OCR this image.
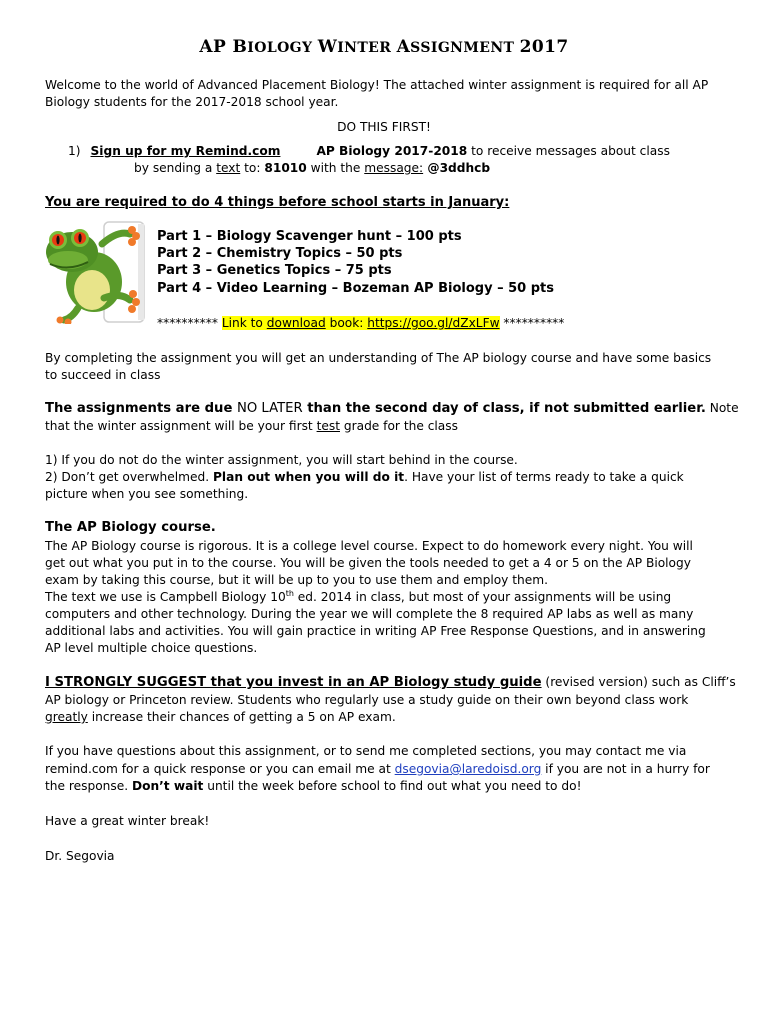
AP BIOLOGY WINTER ASSIGNMENT 2017
Welcome to the world of Advanced Placement Biology! The attached winter assignment is required for all AP
Biology students for the 2017-2018 school year.
DO THIS FIRST!
1) Sign up for my Remind.com	AP Biology 2017-2018 to receive messages about class
by sending a text to: 81010 with the message: @3ddhcb
You are required to do 4 things before school starts in January:
Part 1 – Biology Scavenger hunt – 100 pts
Part 2 – Chemistry Topics – 50 pts
Part 3 – Genetics Topics – 75 pts
Part 4 – Video Learning – Bozeman AP Biology – 50 pts
********** Link to download book: https://goo.gl/dZxLFw **********
By completing the assignment you will get an understanding of The AP biology course and have some basics
to succeed in class
The assignments are due NO LATER than the second day of class, if not submitted earlier. Note
that the winter assignment will be your first test grade for the class
1) If you do not do the winter assignment, you will start behind in the course.
2) Don’t get overwhelmed. Plan out when you will do it. Have your list of terms ready to take a quick
picture when you see something.
The AP Biology course.
The AP Biology course is rigorous. It is a college level course. Expect to do homework every night. You will
get out what you put in to the course. You will be given the tools needed to get a 4 or 5 on the AP Biology
exam by taking this course, but it will be up to you to use them and employ them.
The text we use is Campbell Biology 10th ed. 2014 in class, but most of your assignments will be using
computers and other technology. During the year we will complete the 8 required AP labs as well as many
additional labs and activities. You will gain practice in writing AP Free Response Questions, and in answering
AP level multiple choice questions.
I STRONGLY SUGGEST that you invest in an AP Biology study guide (revised version) such as Cliff’s
AP biology or Princeton review. Students who regularly use a study guide on their own beyond class work
greatly increase their chances of getting a 5 on AP exam.
If you have questions about this assignment, or to send me completed sections, you may contact me via
remind.com for a quick response or you can email me at dsegovia@laredoisd.org if you are not in a hurry for
the response. Don’t wait until the week before school to find out what you need to do!
Have a great winter break!
Dr. Segovia
